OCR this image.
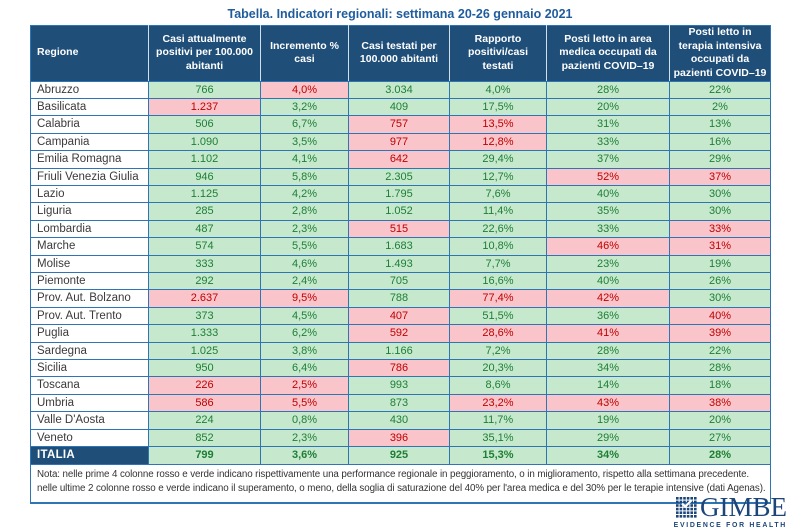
Tabella. Indicatori regionali: settimana 20-26 gennaio 2021
Regione	Casi attualmente positivi per 100.000 abitanti	Incremento % casi	Casi testati per 100.000 abitanti	Rapporto positivi/casi testati	Posti letto in area medica occupati da pazienti COVID–19	Posti letto in terapia intensiva occupati da pazienti COVID–19
Abruzzo	766	4,0%	3.034	4,0%	28%	22%
Basilicata	1.237	3,2%	409	17,5%	20%	2%
Calabria	506	6,7%	757	13,5%	31%	13%
Campania	1.090	3,5%	977	12,8%	33%	16%
Emilia Romagna	1.102	4,1%	642	29,4%	37%	29%
Friuli Venezia Giulia	946	5,8%	2.305	12,7%	52%	37%
Lazio	1.125	4,2%	1.795	7,6%	40%	30%
Liguria	285	2,8%	1.052	11,4%	35%	30%
Lombardia	487	2,3%	515	22,6%	33%	33%
Marche	574	5,5%	1.683	10,8%	46%	31%
Molise	333	4,6%	1.493	7,7%	23%	19%
Piemonte	292	2,4%	705	16,6%	40%	26%
Prov. Aut. Bolzano	2.637	9,5%	788	77,4%	42%	30%
Prov. Aut. Trento	373	4,5%	407	51,5%	36%	40%
Puglia	1.333	6,2%	592	28,6%	41%	39%
Sardegna	1.025	3,8%	1.166	7,2%	28%	22%
Sicilia	950	6,4%	786	20,3%	34%	28%
Toscana	226	2,5%	993	8,6%	14%	18%
Umbria	586	5,5%	873	23,2%	43%	38%
Valle D'Aosta	224	0,8%	430	11,7%	19%	20%
Veneto	852	2,3%	396	35,1%	29%	27%
ITALIA	799	3,6%	925	15,3%	34%	28%
Nota: nelle prime 4 colonne rosso e verde indicano rispettivamente una performance regionale in peggioramento, o in miglioramento, rispetto alla settimana precedente.
nelle ultime 2 colonne rosso e verde indicano il superamento, o meno, della soglia di saturazione del 40% per l'area medica e del 30% per le terapie intensive (dati Agenas).
GIMBE
EVIDENCE FOR HEALTH
